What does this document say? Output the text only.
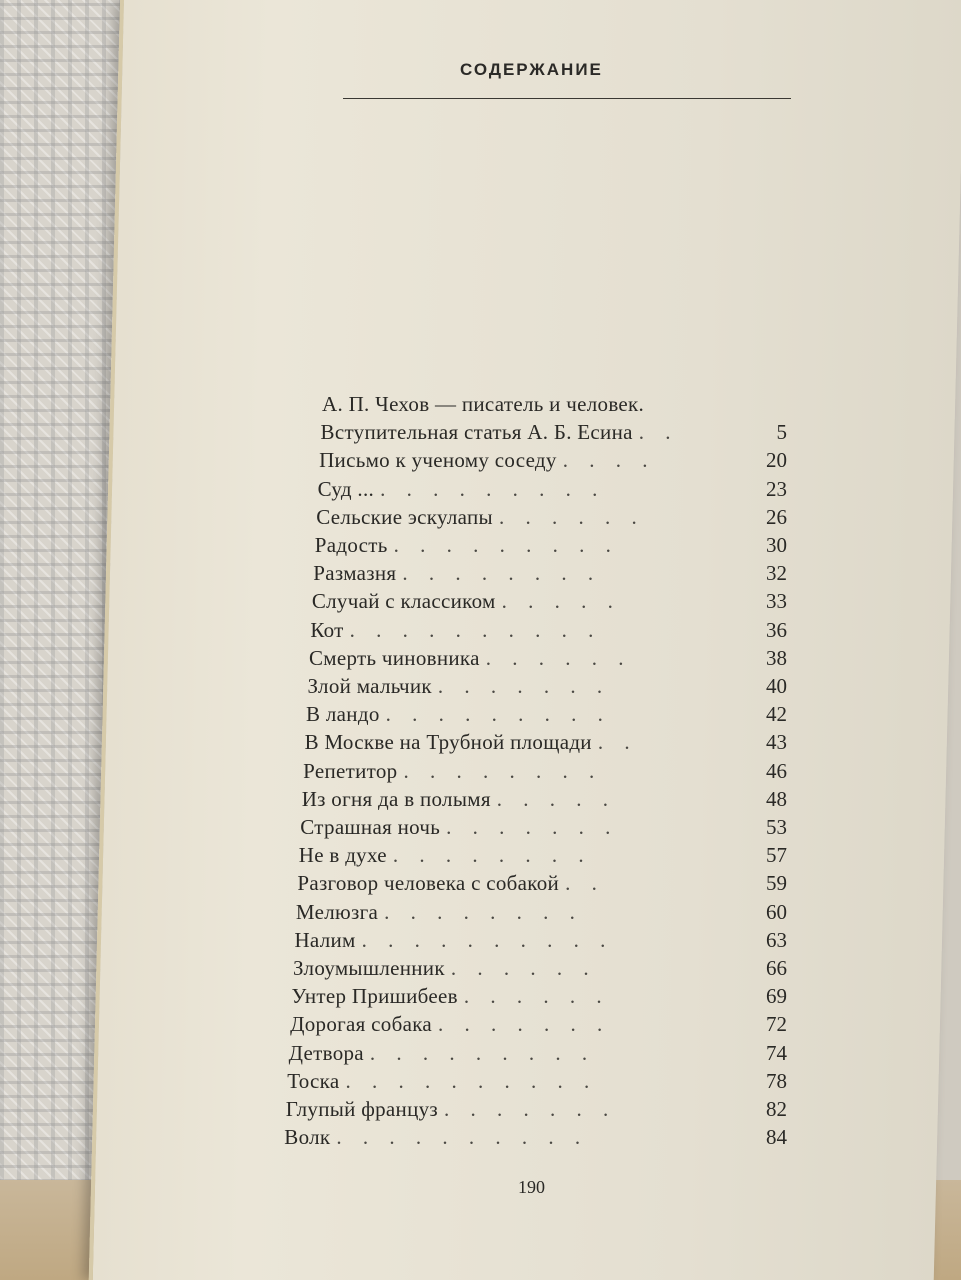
СОДЕРЖАНИЕ
А. П. Чехов — писатель и человек.
Вступительная статья А. Б. Есина . .	5
Письмо к ученому соседу . . . .	20
Суд ... . . . . . . . . .	23
Сельские эскулапы . . . . . .	26
Радость . . . . . . . . .	30
Размазня . . . . . . . .	32
Случай с классиком . . . . .	33
Кот . . . . . . . . . .	36
Смерть чиновника . . . . . .	38
Злой мальчик . . . . . . .	40
В ландо . . . . . . . . .	42
В Москве на Трубной площади . .	43
Репетитор . . . . . . . .	46
Из огня да в полымя . . . . .	48
Страшная ночь . . . . . . .	53
Не в духе . . . . . . . .	57
Разговор человека с собакой . .	59
Мелюзга . . . . . . . .	60
Налим . . . . . . . . . .	63
Злоумышленник . . . . . .	66
Унтер Пришибеев . . . . . .	69
Дорогая собака . . . . . . .	72
Детвора . . . . . . . . .	74
Тоска . . . . . . . . . .	78
Глупый француз . . . . . . .	82
Волк . . . . . . . . . .	84
190
